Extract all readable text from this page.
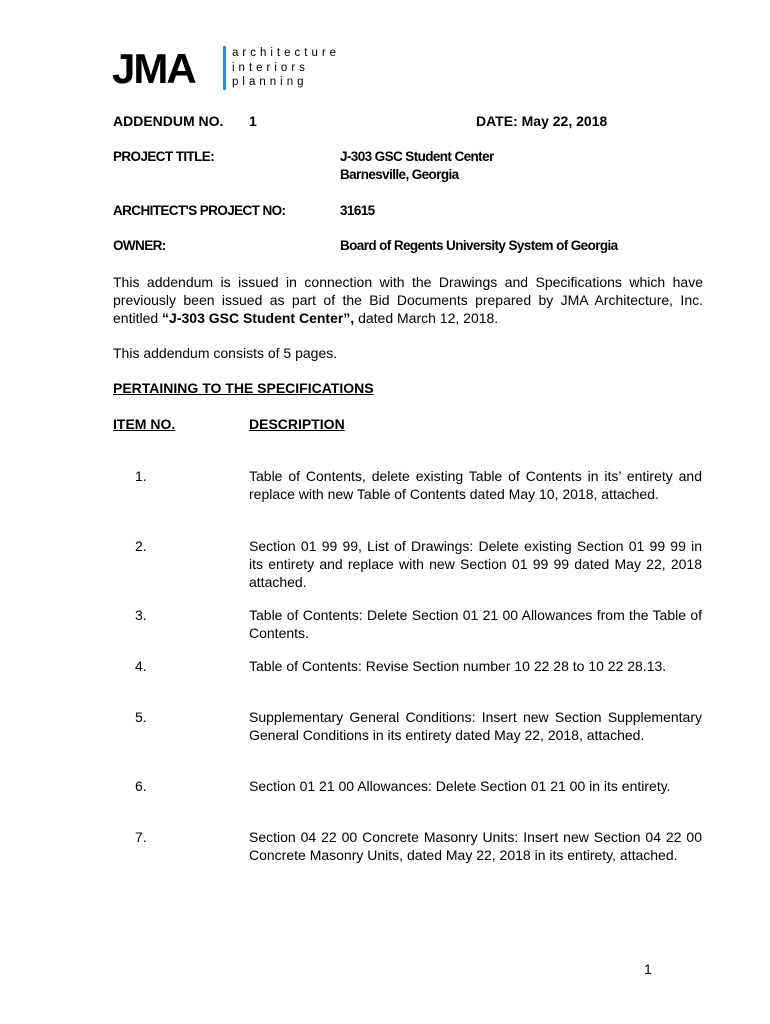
JMA	architecture
interiors
planning
ADDENDUM NO. 1	DATE: May 22, 2018
PROJECT TITLE:	J-303 GSC Student Center
Barnesville, Georgia
ARCHITECT'S PROJECT NO:	31615
OWNER:	Board of Regents University System of Georgia
This addendum is issued in connection with the Drawings and Specifications which have previously been issued as part of the Bid Documents prepared by JMA Architecture, Inc. entitled “J-303 GSC Student Center”, dated March 12, 2018.
This addendum consists of 5 pages.
PERTAINING TO THE SPECIFICATIONS
ITEM NO.	DESCRIPTION
1.	Table of Contents, delete existing Table of Contents in its’ entirety and replace with new Table of Contents dated May 10, 2018, attached.
2.	Section 01 99 99, List of Drawings: Delete existing Section 01 99 99 in its entirety and replace with new Section 01 99 99 dated May 22, 2018 attached.
3.	Table of Contents: Delete Section 01 21 00 Allowances from the Table of Contents.
4.	Table of Contents: Revise Section number 10 22 28 to 10 22 28.13.
5.	Supplementary General Conditions: Insert new Section Supplementary General Conditions in its entirety dated May 22, 2018, attached.
6.	Section 01 21 00 Allowances: Delete Section 01 21 00 in its entirety.
7.	Section 04 22 00 Concrete Masonry Units: Insert new Section 04 22 00 Concrete Masonry Units, dated May 22, 2018 in its entirety, attached.
1
